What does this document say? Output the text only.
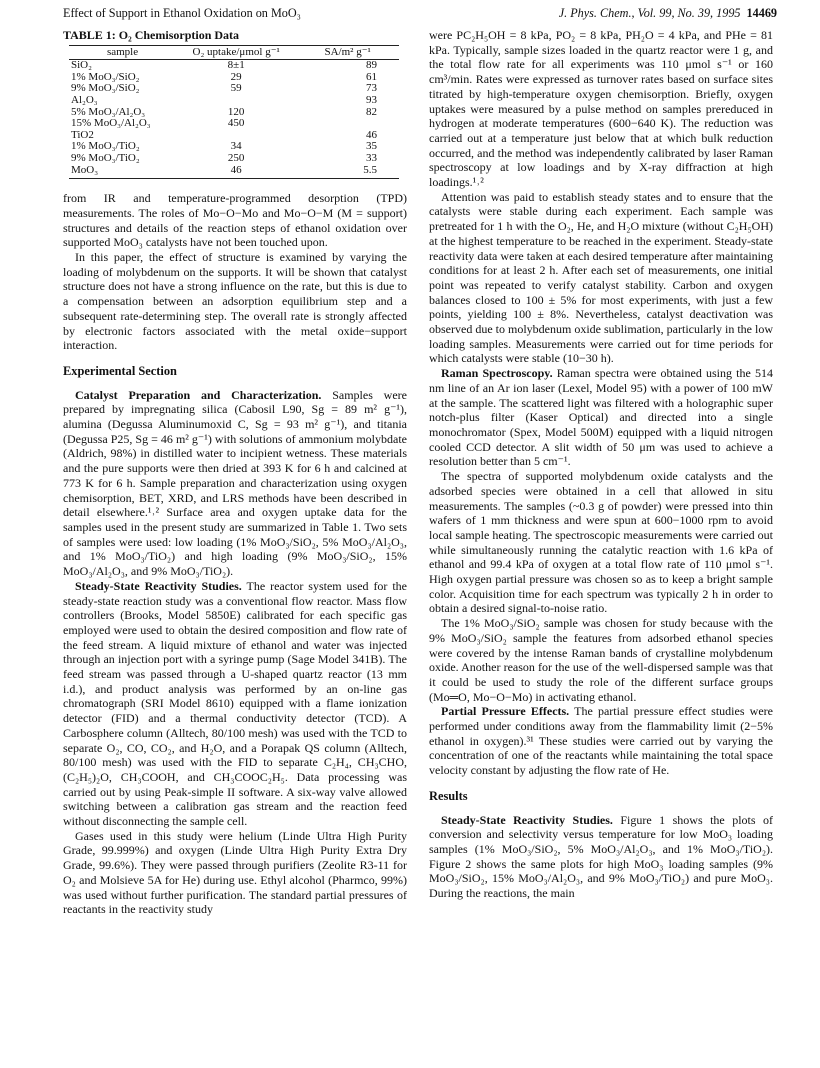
Effect of Support in Ethanol Oxidation on MoO₃	J. Phys. Chem., Vol. 99, No. 39, 1995 14469
TABLE 1: O₂ Chemisorption Data
sample	O₂ uptake/μmol g⁻¹	SA/m² g⁻¹
SiO₂	8±1	89
1% MoO₃/SiO₂	29	61
9% MoO₃/SiO₂	59	73
Al₂O₃		93
5% MoO₃/Al₂O₃	120	82
15% MoO₃/Al₂O₃	450	
TiO2		46
1% MoO₃/TiO₂	34	35
9% MoO₃/TiO₂	250	33
MoO₃	46	5.5

from IR and temperature-programmed desorption (TPD) measurements. The roles of Mo−O−Mo and Mo−O−M (M = support) structures and details of the reaction steps of ethanol oxidation over supported MoO₃ catalysts have not been touched upon.

In this paper, the effect of structure is examined by varying the loading of molybdenum on the supports. It will be shown that catalyst structure does not have a strong influence on the rate, but this is due to a compensation between an adsorption equilibrium step and a subsequent rate-determining step. The overall rate is strongly affected by electronic factors associated with the metal oxide−support interaction.

Experimental Section

Catalyst Preparation and Characterization. Samples were prepared by impregnating silica (Cabosil L90, Sg = 89 m² g⁻¹), alumina (Degussa Aluminumoxid C, Sg = 93 m² g⁻¹), and titania (Degussa P25, Sg = 46 m² g⁻¹) with solutions of ammonium molybdate (Aldrich, 98%) in distilled water to incipient wetness. These materials and the pure supports were then dried at 393 K for 6 h and calcined at 773 K for 6 h. Sample preparation and characterization using oxygen chemisorption, BET, XRD, and LRS methods have been described in detail elsewhere.¹˒² Surface area and oxygen uptake data for the samples used in the present study are summarized in Table 1. Two sets of samples were used: low loading (1% MoO₃/SiO₂, 5% MoO₃/Al₂O₃, and 1% MoO₃/TiO₂) and high loading (9% MoO₃/SiO₂, 15% MoO₃/Al₂O₃, and 9% MoO₃/TiO₂).

Steady-State Reactivity Studies. The reactor system used for the steady-state reaction study was a conventional flow reactor. Mass flow controllers (Brooks, Model 5850E) calibrated for each specific gas employed were used to obtain the desired composition and flow rate of the feed stream. A liquid mixture of ethanol and water was injected through an injection port with a syringe pump (Sage Model 341B). The feed stream was passed through a U-shaped quartz reactor (13 mm i.d.), and product analysis was performed by an on-line gas chromatograph (SRI Model 8610) equipped with a flame ionization detector (FID) and a thermal conductivity detector (TCD). A Carbosphere column (Alltech, 80/100 mesh) was used with the TCD to separate O₂, CO, CO₂, and H₂O, and a Porapak QS column (Alltech, 80/100 mesh) was used with the FID to separate C₂H₄, CH₃CHO, (C₂H₅)₂O, CH₃COOH, and CH₃COOC₂H₅. Data processing was carried out by using Peak-simple II software. A six-way valve allowed switching between a calibration gas stream and the reaction feed without disconnecting the sample cell.

Gases used in this study were helium (Linde Ultra High Purity Grade, 99.999%) and oxygen (Linde Ultra High Purity Extra Dry Grade, 99.6%). They were passed through purifiers (Zeolite R3-11 for O₂ and Molsieve 5A for He) during use. Ethyl alcohol (Pharmco, 99%) was used without further purification. The standard partial pressures of reactants in the reactivity study

were PC₂H₅OH = 8 kPa, PO₂ = 8 kPa, PH₂O = 4 kPa, and PHe = 81 kPa. Typically, sample sizes loaded in the quartz reactor were 1 g, and the total flow rate for all experiments was 110 μmol s⁻¹ or 160 cm³/min. Rates were expressed as turnover rates based on surface sites titrated by high-temperature oxygen chemisorption. Briefly, oxygen uptakes were measured by a pulse method on samples prereduced in hydrogen at moderate temperatures (600−640 K). The reduction was carried out at a temperature just below that at which bulk reduction occurred, and the method was independently calibrated by laser Raman spectroscopy at low loadings and by X-ray diffraction at high loadings.¹˒²

Attention was paid to establish steady states and to ensure that the catalysts were stable during each experiment. Each sample was pretreated for 1 h with the O₂, He, and H₂O mixture (without C₂H₅OH) at the highest temperature to be reached in the experiment. Steady-state reactivity data were taken at each desired temperature after maintaining conditions for at least 2 h. After each set of measurements, one initial point was repeated to verify catalyst stability. Carbon and oxygen balances closed to 100 ± 5% for most experiments, with just a few points, yielding 100 ± 8%. Nevertheless, catalyst deactivation was observed due to molybdenum oxide sublimation, particularly in the low loading samples. Measurements were carried out for time periods for which catalysts were stable (10−30 h).

Raman Spectroscopy. Raman spectra were obtained using the 514 nm line of an Ar ion laser (Lexel, Model 95) with a power of 100 mW at the sample. The scattered light was filtered with a holographic super notch-plus filter (Kaser Optical) and directed into a single monochromator (Spex, Model 500M) equipped with a liquid nitrogen cooled CCD detector. A slit width of 50 μm was used to achieve a resolution better than 5 cm⁻¹.

The spectra of supported molybdenum oxide catalysts and the adsorbed species were obtained in a cell that allowed in situ measurements. The samples (~0.3 g of powder) were pressed into thin wafers of 1 mm thickness and were spun at 600−1000 rpm to avoid local sample heating. The spectroscopic measurements were carried out while simultaneously running the catalytic reaction with 1.6 kPa of ethanol and 99.4 kPa of oxygen at a total flow rate of 110 μmol s⁻¹. High oxygen partial pressure was chosen so as to keep a bright sample color. Acquisition time for each spectrum was typically 2 h in order to obtain a desired signal-to-noise ratio.

The 1% MoO₃/SiO₂ sample was chosen for study because with the 9% MoO₃/SiO₂ sample the features from adsorbed ethanol species were covered by the intense Raman bands of crystalline molybdenum oxide. Another reason for the use of the well-dispersed sample was that it could be used to study the role of the different surface groups (Mo═O, Mo−O−Mo) in activating ethanol.

Partial Pressure Effects. The partial pressure effect studies were performed under conditions away from the flammability limit (2−5% ethanol in oxygen).³¹ These studies were carried out by varying the concentration of one of the reactants while maintaining the total space velocity constant by adjusting the flow rate of He.

Results

Steady-State Reactivity Studies. Figure 1 shows the plots of conversion and selectivity versus temperature for low MoO₃ loading samples (1% MoO₃/SiO₂, 5% MoO₃/Al₂O₃, and 1% MoO₃/TiO₂). Figure 2 shows the same plots for high MoO₃ loading samples (9% MoO₃/SiO₂, 15% MoO₃/Al₂O₃, and 9% MoO₃/TiO₂) and pure MoO₃. During the reactions, the main
